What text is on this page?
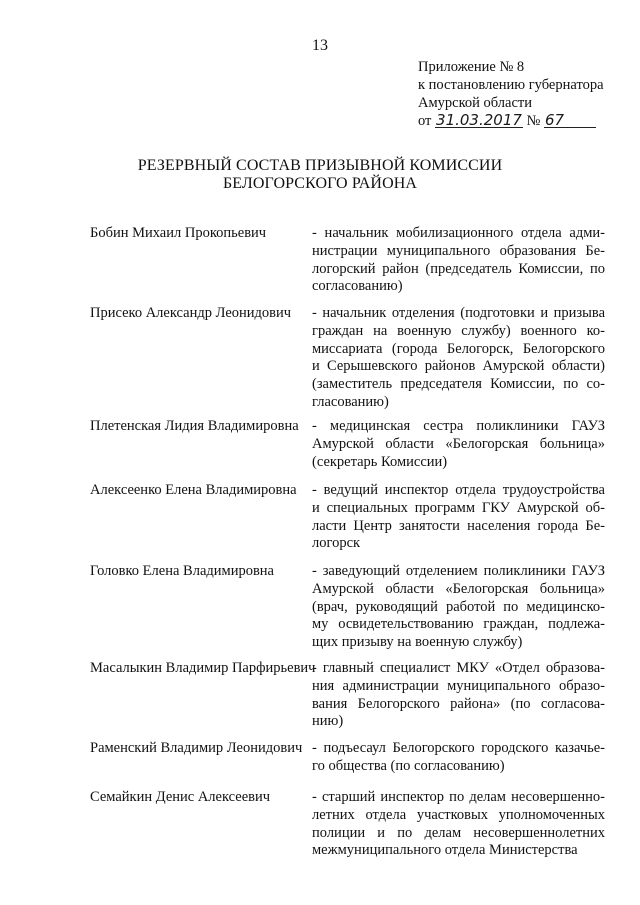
13
Приложение № 8
к постановлению губернатора
Амурской области
от 31.03.2017 № 67
РЕЗЕРВНЫЙ СОСТАВ ПРИЗЫВНОЙ КОМИССИИ
БЕЛОГОРСКОГО РАЙОНА
Бобин Михаил Прокопьевич	- начальник мобилизационного отдела адми-
нистрации муниципального образования Бе-
логорский район (председатель Комиссии, по
согласованию)
Присеко Александр Леонидович	- начальник отделения (подготовки и призыва
граждан на военную службу) военного ко-
миссариата (города Белогорск, Белогорского
и Серышевского районов Амурской области)
(заместитель председателя Комиссии, по со-
гласованию)
Плетенская Лидия Владимировна - медицинская сестра поликлиники ГАУЗ
Амурской области «Белогорская больница»
(секретарь Комиссии)
Алексеенко Елена Владимировна	- ведущий инспектор отдела трудоустройства
и специальных программ ГКУ Амурской об-
ласти Центр занятости населения города Бе-
логорск
Головко Елена Владимировна	- заведующий отделением поликлиники ГАУЗ
Амурской области «Белогорская больница»
(врач, руководящий работой по медицинско-
му освидетельствованию граждан, подлежа-
щих призыву на военную службу)
Масалыкин Владимир Парфирьевич
- главный специалист МКУ «Отдел образова-
ния администрации муниципального образо-
вания Белогорского района» (по согласова-
нию)
Раменский Владимир Леонидович - подъесаул Белогорского городского казачье-
го общества (по согласованию)
Семайкин Денис Алексеевич	- старший инспектор по делам несовершенно-
летних отдела участковых уполномоченных
полиции и по делам несовершеннолетних
межмуниципального отдела Министерства
